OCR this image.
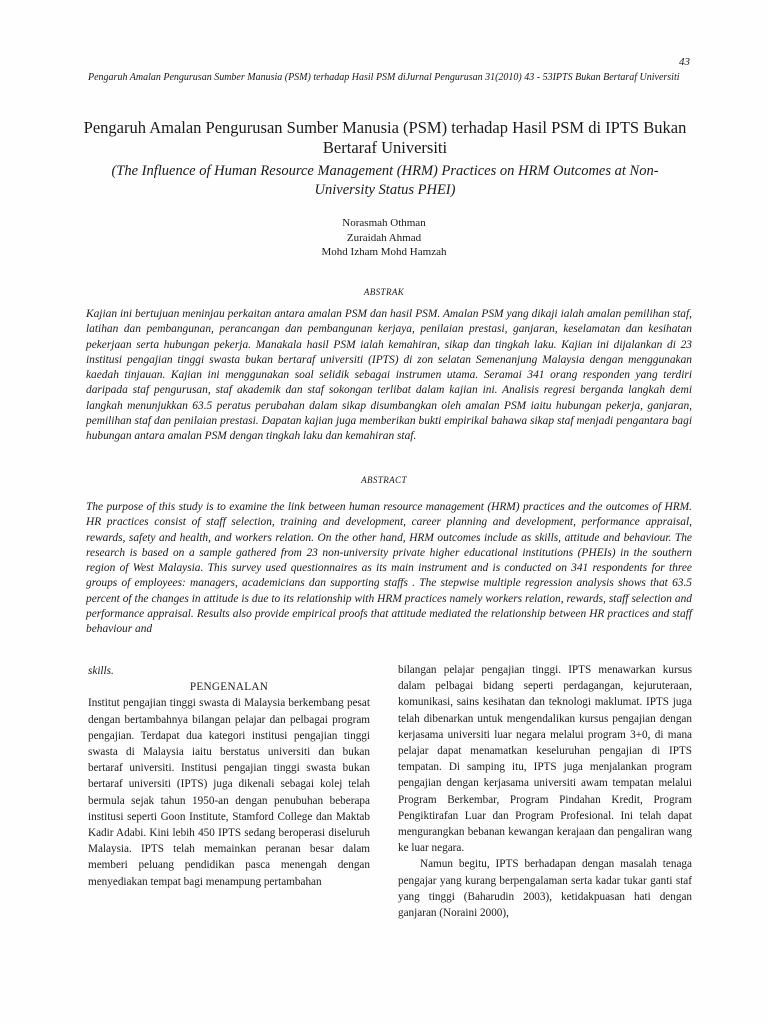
43
Pengaruh Amalan Pengurusan Sumber Manusia (PSM) terhadap Hasil PSM diJurnal Pengurusan 31(2010) 43 - 53IPTS Bukan Bertaraf Universiti
Pengaruh Amalan Pengurusan Sumber Manusia (PSM) terhadap Hasil PSM di IPTS Bukan Bertaraf Universiti
(The Influence of Human Resource Management (HRM) Practices on HRM Outcomes at Non-University Status PHEI)
Norasmah Othman
Zuraidah Ahmad
Mohd Izham Mohd Hamzah
ABSTRAK
Kajian ini bertujuan meninjau perkaitan antara amalan PSM dan hasil PSM. Amalan PSM yang dikaji ialah amalan pemilihan staf, latihan dan pembangunan, perancangan dan pembangunan kerjaya, penilaian prestasi, ganjaran, keselamatan dan kesihatan pekerjaan serta hubungan pekerja. Manakala hasil PSM ialah kemahiran, sikap dan tingkah laku. Kajian ini dijalankan di 23 institusi pengajian tinggi swasta bukan bertaraf universiti (IPTS) di zon selatan Semenanjung Malaysia dengan menggunakan kaedah tinjauan. Kajian ini menggunakan soal selidik sebagai instrumen utama. Seramai 341 orang responden yang terdiri daripada staf pengurusan, staf akademik dan staf sokongan terlibat dalam kajian ini. Analisis regresi berganda langkah demi langkah menunjukkan 63.5 peratus perubahan dalam sikap disumbangkan oleh amalan PSM iaitu hubungan pekerja, ganjaran, pemilihan staf dan penilaian prestasi. Dapatan kajian juga memberikan bukti empirikal bahawa sikap staf menjadi pengantara bagi hubungan antara amalan PSM dengan tingkah laku dan kemahiran staf.
ABSTRACT
The purpose of this study is to examine the link between human resource management (HRM) practices and the outcomes of HRM. HR practices consist of staff selection, training and development, career planning and development, performance appraisal, rewards, safety and health, and workers relation. On the other hand, HRM outcomes include as skills, attitude and behaviour. The research is based on a sample gathered from 23 non-university private higher educational institutions (PHEIs) in the southern region of West Malaysia. This survey used questionnaires as its main instrument and is conducted on 341 respondents for three groups of employees: managers, academicians dan supporting staffs . The stepwise multiple regression analysis shows that 63.5 percent of the changes in attitude is due to its relationship with HRM practices namely workers relation, rewards, staff selection and performance appraisal. Results also provide empirical proofs that attitude mediated the relationship between HR practices and staff behaviour and

skills.

PENGENALAN

Institut pengajian tinggi swasta di Malaysia berkembang pesat dengan bertambahnya bilangan pelajar dan pelbagai program pengajian. Terdapat dua kategori institusi pengajian tinggi swasta di Malaysia iaitu berstatus universiti dan bukan bertaraf universiti. Institusi pengajian tinggi swasta bukan bertaraf universiti (IPTS) juga dikenali sebagai kolej telah bermula sejak tahun 1950-an dengan penubuhan beberapa institusi seperti Goon Institute, Stamford College dan Maktab Kadir Adabi. Kini lebih 450 IPTS sedang beroperasi diseluruh Malaysia. IPTS telah memainkan peranan besar dalam memberi peluang pendidikan pasca menengah dengan menyediakan tempat bagi menampung pertambahan

bilangan pelajar pengajian tinggi. IPTS menawarkan kursus dalam pelbagai bidang seperti perdagangan, kejuruteraan, komunikasi, sains kesihatan dan teknologi maklumat. IPTS juga telah dibenarkan untuk mengendalikan kursus pengajian dengan kerjasama universiti luar negara melalui program 3+0, di mana pelajar dapat menamatkan keseluruhan pengajian di IPTS tempatan. Di samping itu, IPTS juga menjalankan program pengajian dengan kerjasama universiti awam tempatan melalui Program Berkembar, Program Pindahan Kredit, Program Pengiktirafan Luar dan Program Profesional. Ini telah dapat mengurangkan bebanan kewangan kerajaan dan pengaliran wang ke luar negara.

Namun begitu, IPTS berhadapan dengan masalah tenaga pengajar yang kurang berpengalaman serta kadar tukar ganti staf yang tinggi (Baharudin 2003), ketidakpuasan hati dengan ganjaran (Noraini 2000),
